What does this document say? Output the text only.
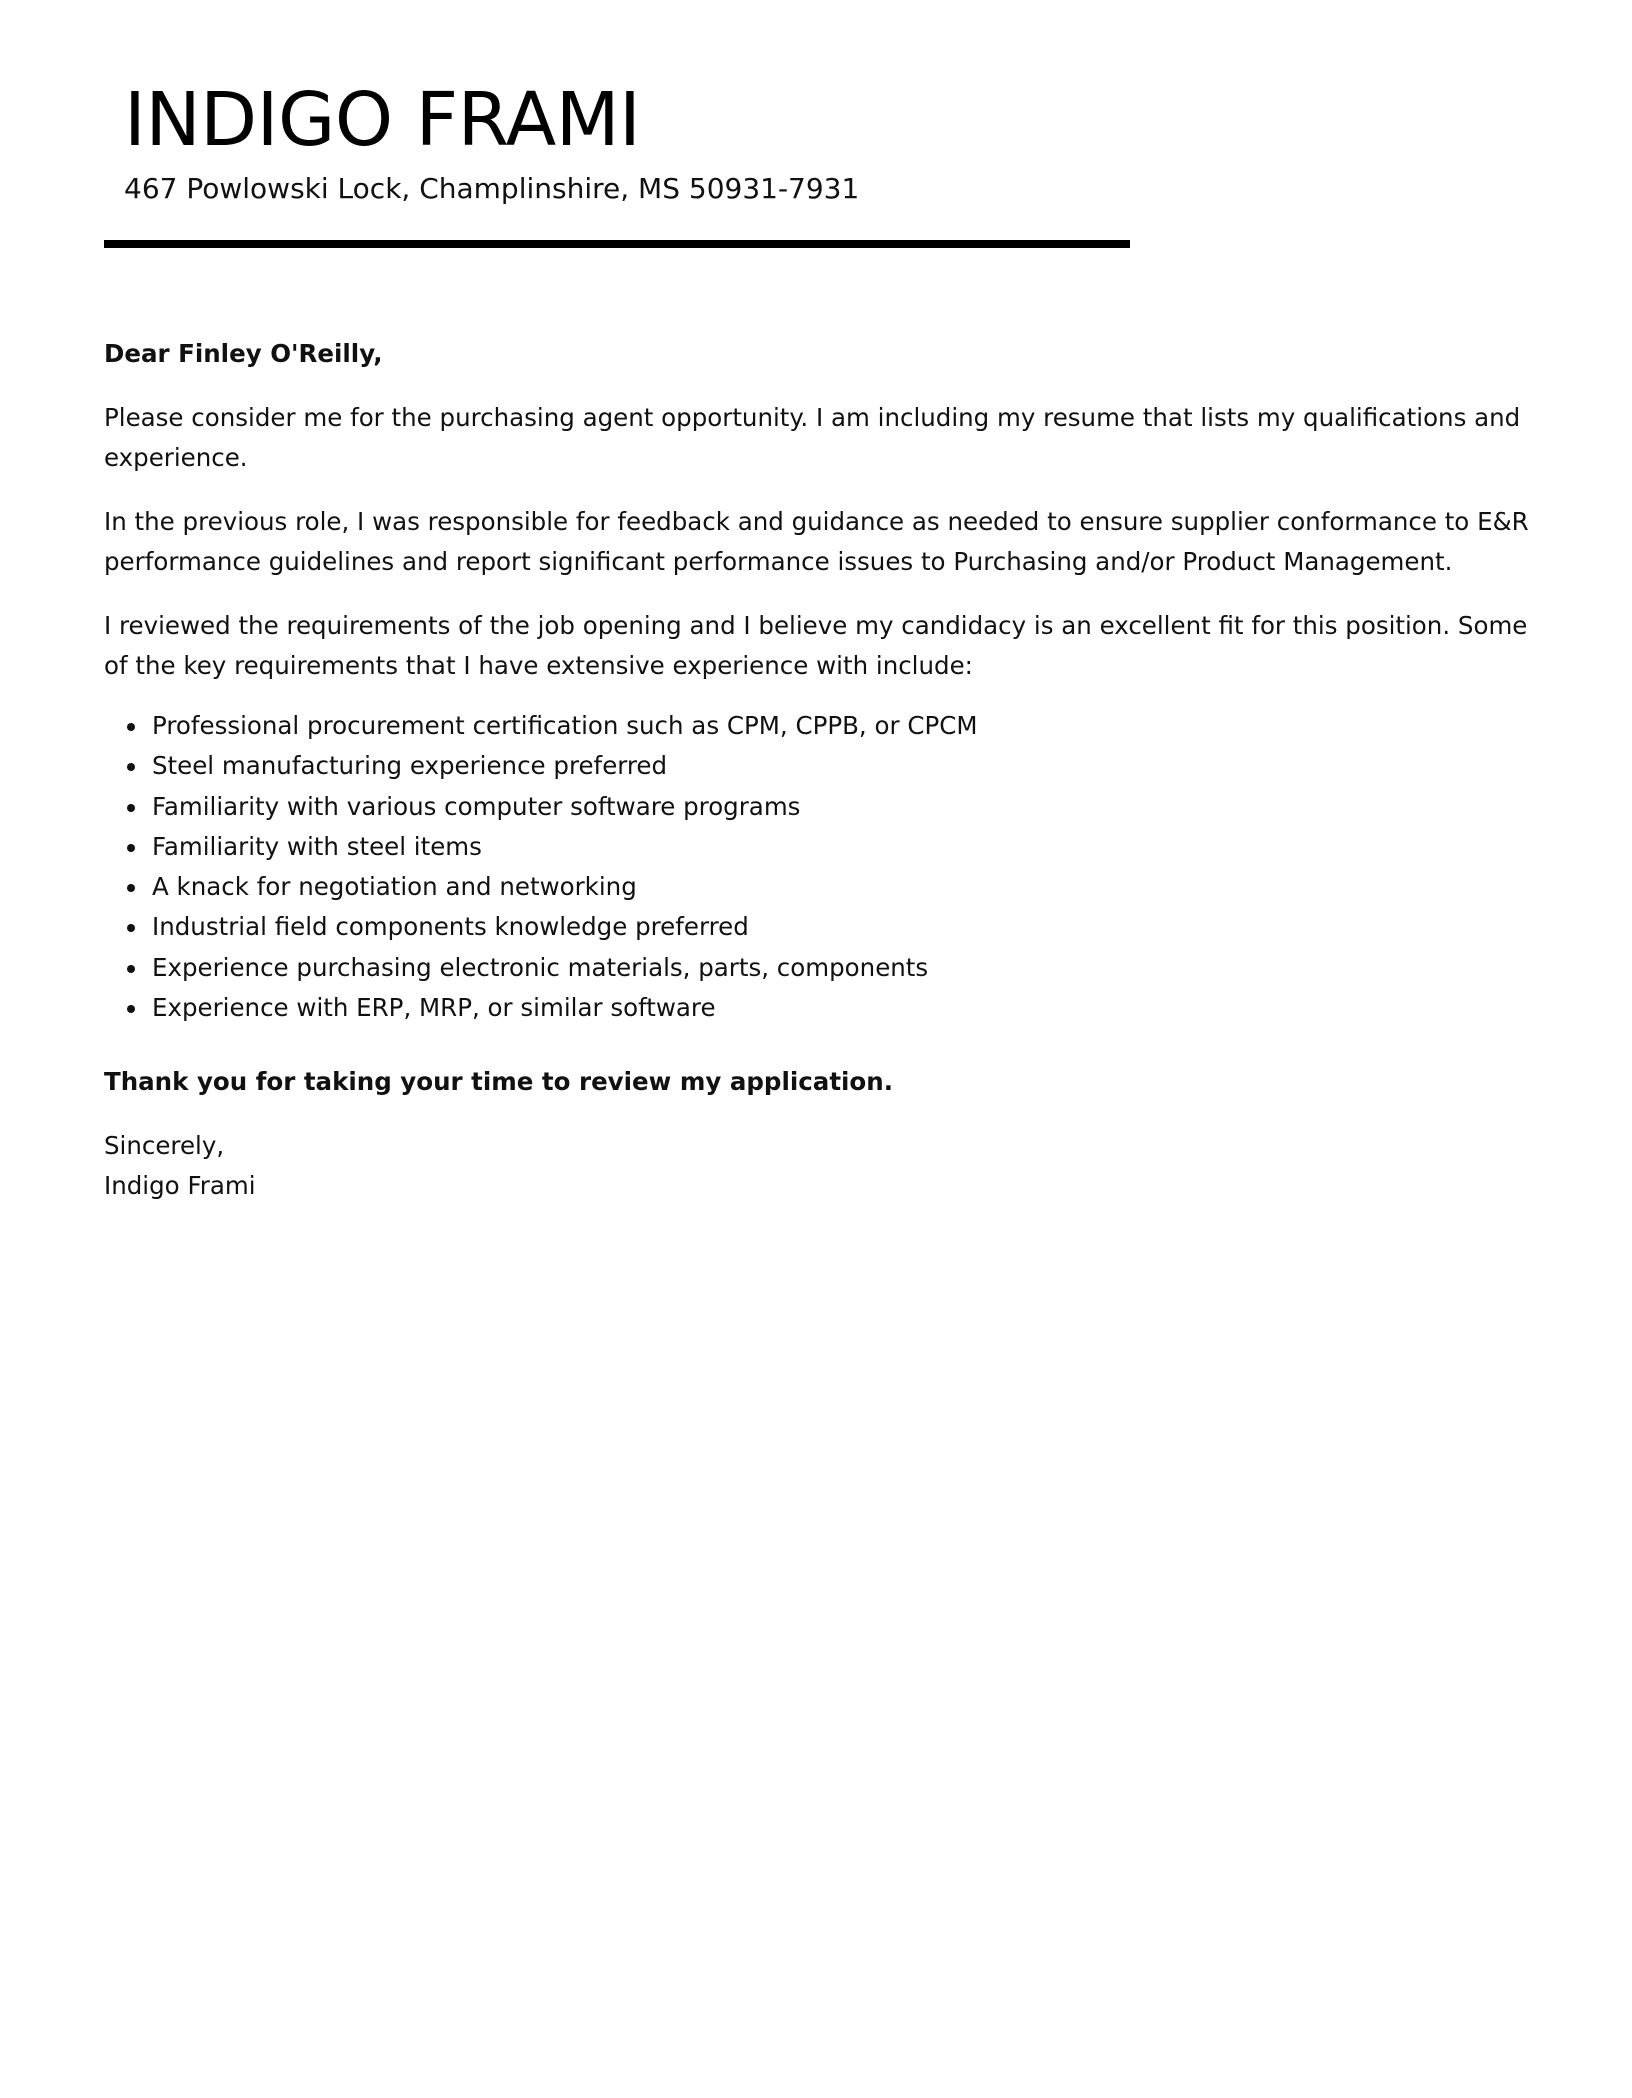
INDIGO FRAMI

467 Powlowski Lock, Champlinshire, MS 50931-7931

Dear Finley O'Reilly,

Please consider me for the purchasing agent opportunity. I am including my resume that lists my qualifications and experience.

In the previous role, I was responsible for feedback and guidance as needed to ensure supplier conformance to E&R performance guidelines and report significant performance issues to Purchasing and/or Product Management.

I reviewed the requirements of the job opening and I believe my candidacy is an excellent fit for this position. Some of the key requirements that I have extensive experience with include:

Professional procurement certification such as CPM, CPPB, or CPCM
Steel manufacturing experience preferred
Familiarity with various computer software programs
Familiarity with steel items
A knack for negotiation and networking
Industrial field components knowledge preferred
Experience purchasing electronic materials, parts, components
Experience with ERP, MRP, or similar software

Thank you for taking your time to review my application.

Sincerely,
Indigo Frami
